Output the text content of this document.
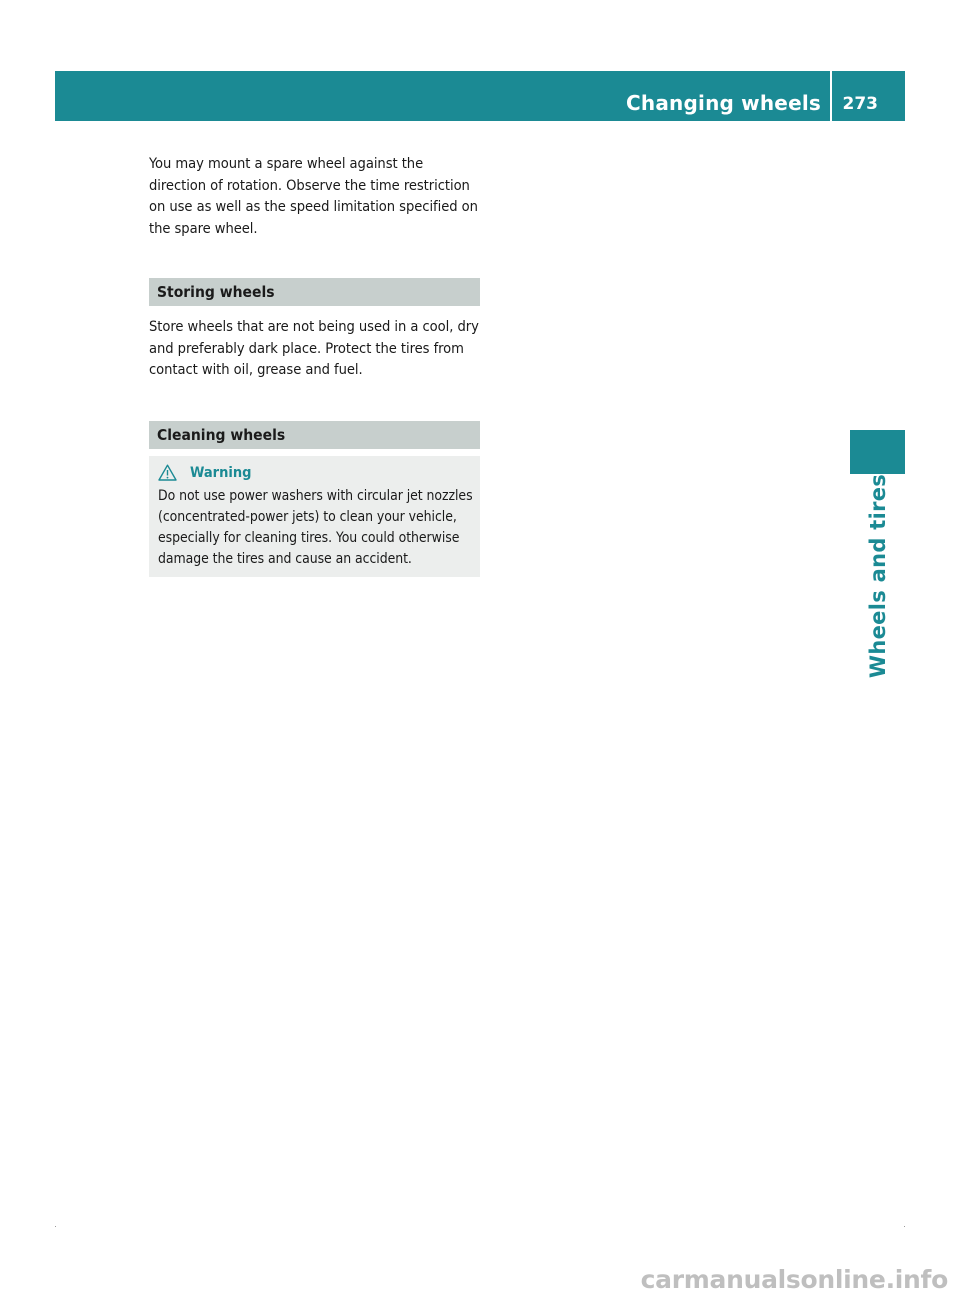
Changing wheels 273

You may mount a spare wheel against the direction of rotation. Observe the time restriction on use as well as the speed limitation specified on the spare wheel.

Storing wheels

Store wheels that are not being used in a cool, dry and preferably dark place. Protect the tires from contact with oil, grease and fuel.

Cleaning wheels
Warning

Do not use power washers with circular jet nozzles (concentrated-power jets) to clean your vehicle, especially for cleaning tires. You could otherwise damage the tires and cause an accident.	Wheels and tires
carmanualsonline.info
